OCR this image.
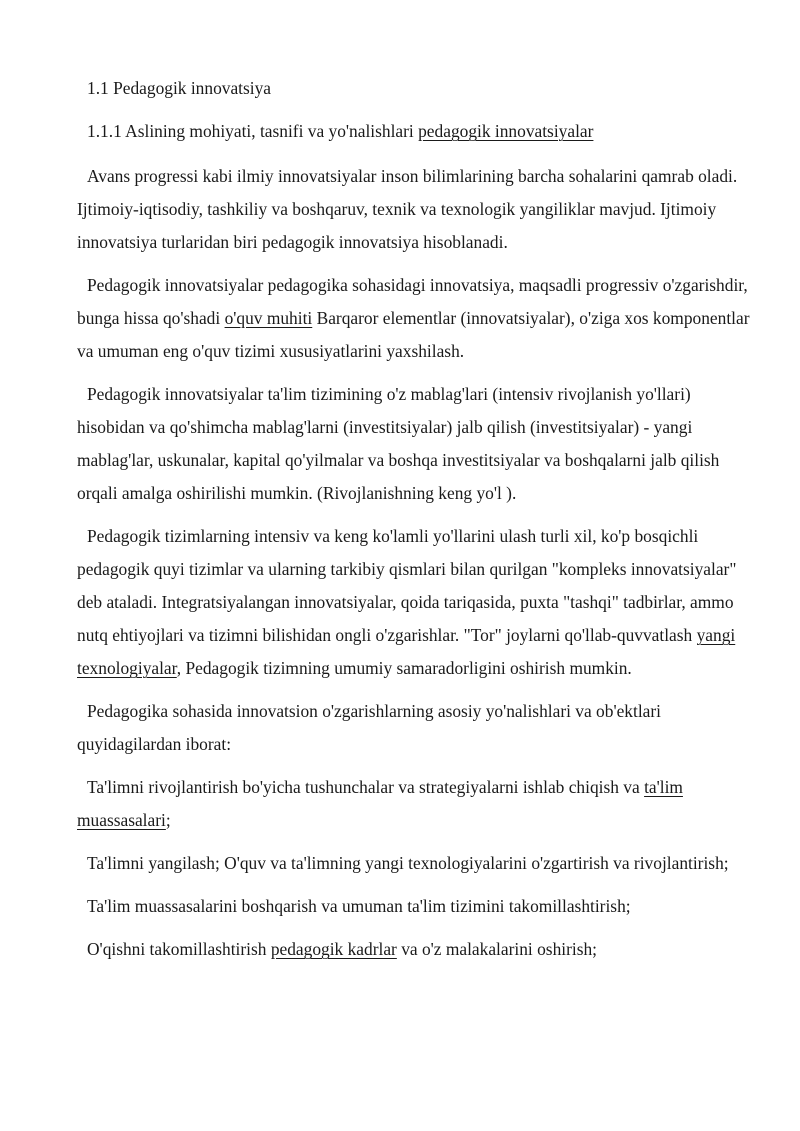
1.1 Pedagogik innovatsiya

1.1.1 Aslining mohiyati, tasnifi va yo'nalishlari pedagogik innovatsiyalar

Avans progressi kabi ilmiy innovatsiyalar inson bilimlarining barcha sohalarini qamrab oladi. Ijtimoiy-iqtisodiy, tashkiliy va boshqaruv, texnik va texnologik yangiliklar mavjud. Ijtimoiy innovatsiya turlaridan biri pedagogik innovatsiya hisoblanadi.

Pedagogik innovatsiyalar pedagogika sohasidagi innovatsiya, maqsadli progressiv o'zgarishdir, bunga hissa qo'shadi o'quv muhiti Barqaror elementlar (innovatsiyalar), o'ziga xos komponentlar va umuman eng o'quv tizimi xususiyatlarini yaxshilash.

Pedagogik innovatsiyalar ta'lim tizimining o'z mablag'lari (intensiv rivojlanish yo'llari) hisobidan va qo'shimcha mablag'larni (investitsiyalar) jalb qilish (investitsiyalar) - yangi mablag'lar, uskunalar, kapital qo'yilmalar va boshqa investitsiyalar va boshqalarni jalb qilish orqali amalga oshirilishi mumkin. (Rivojlanishning keng yo'l ).

Pedagogik tizimlarning intensiv va keng ko'lamli yo'llarini ulash turli xil, ko'p bosqichli pedagogik quyi tizimlar va ularning tarkibiy qismlari bilan qurilgan "kompleks innovatsiyalar" deb ataladi. Integratsiyalangan innovatsiyalar, qoida tariqasida, puxta "tashqi" tadbirlar, ammo nutq ehtiyojlari va tizimni bilishidan ongli o'zgarishlar. "Tor" joylarni qo'llab-quvvatlash yangi texnologiyalar, Pedagogik tizimning umumiy samaradorligini oshirish mumkin.

Pedagogika sohasida innovatsion o'zgarishlarning asosiy yo'nalishlari va ob'ektlari quyidagilardan iborat:

Ta'limni rivojlantirish bo'yicha tushunchalar va strategiyalarni ishlab chiqish va ta'lim muassasalari;

Ta'limni yangilash; O'quv va ta'limning yangi texnologiyalarini o'zgartirish va rivojlantirish;

Ta'lim muassasalarini boshqarish va umuman ta'lim tizimini takomillashtirish;

O'qishni takomillashtirish pedagogik kadrlar va o'z malakalarini oshirish;
